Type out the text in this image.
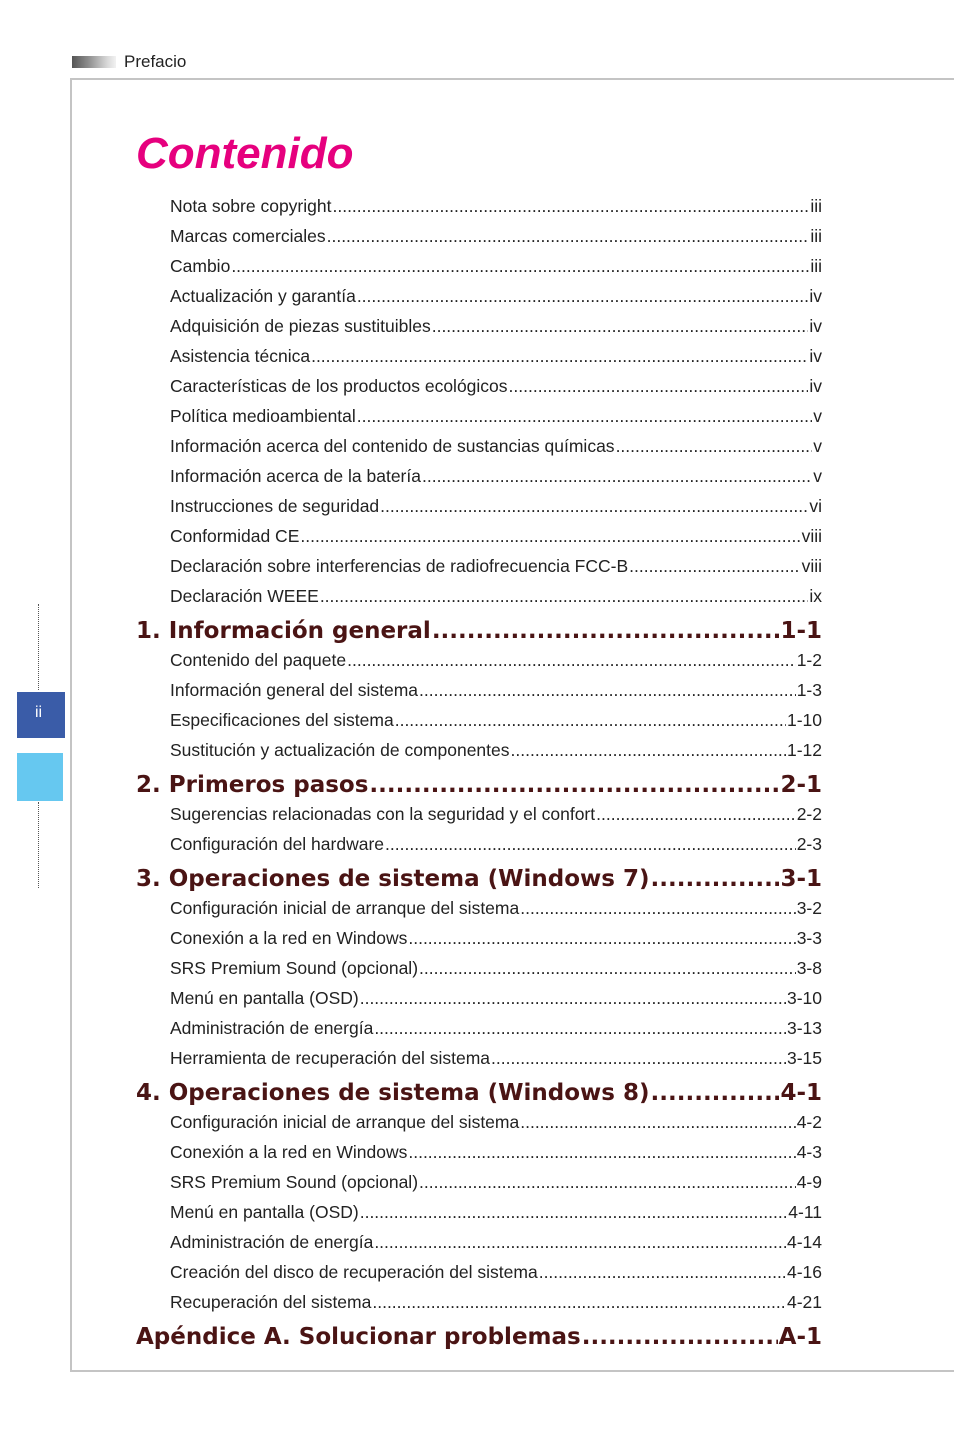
Prefacio
ii
Contenido
Nota sobre copyright .....	iii
Marcas comerciales .....	iii
Cambio .....	iii
Actualización y garantía .....	iv
Adquisición de piezas sustituibles .....	iv
Asistencia técnica .....	iv
Características de los productos ecológicos .....	iv
Política medioambiental .....	v
Información acerca del contenido de sustancias químicas .....	v
Información acerca de la batería .....	v
Instrucciones de seguridad .....	vi
Conformidad CE .....	viii
Declaración sobre interferencias de radiofrecuencia FCC-B .....	viii
Declaración WEEE .....	ix
1. Información general .....	1-1
Contenido del paquete .....	1-2
Información general del sistema .....	1-3
Especificaciones del sistema .....	1-10
Sustitución y actualización de componentes .....	1-12
2. Primeros pasos .....	2-1
Sugerencias relacionadas con la seguridad y el confort .....	2-2
Configuración del hardware .....	2-3
3. Operaciones de sistema (Windows 7) .....	3-1
Configuración inicial de arranque del sistema .....	3-2
Conexión a la red en Windows .....	3-3
SRS Premium Sound (opcional) .....	3-8
Menú en pantalla (OSD) .....	3-10
Administración de energía .....	3-13
Herramienta de recuperación del sistema .....	3-15
4. Operaciones de sistema (Windows 8) .....	4-1
Configuración inicial de arranque del sistema .....	4-2
Conexión a la red en Windows .....	4-3
SRS Premium Sound (opcional) .....	4-9
Menú en pantalla (OSD) .....	4-11
Administración de energía .....	4-14
Creación del disco de recuperación del sistema .....	4-16
Recuperación del sistema .....	4-21
Apéndice A. Solucionar problemas .....	A-1
